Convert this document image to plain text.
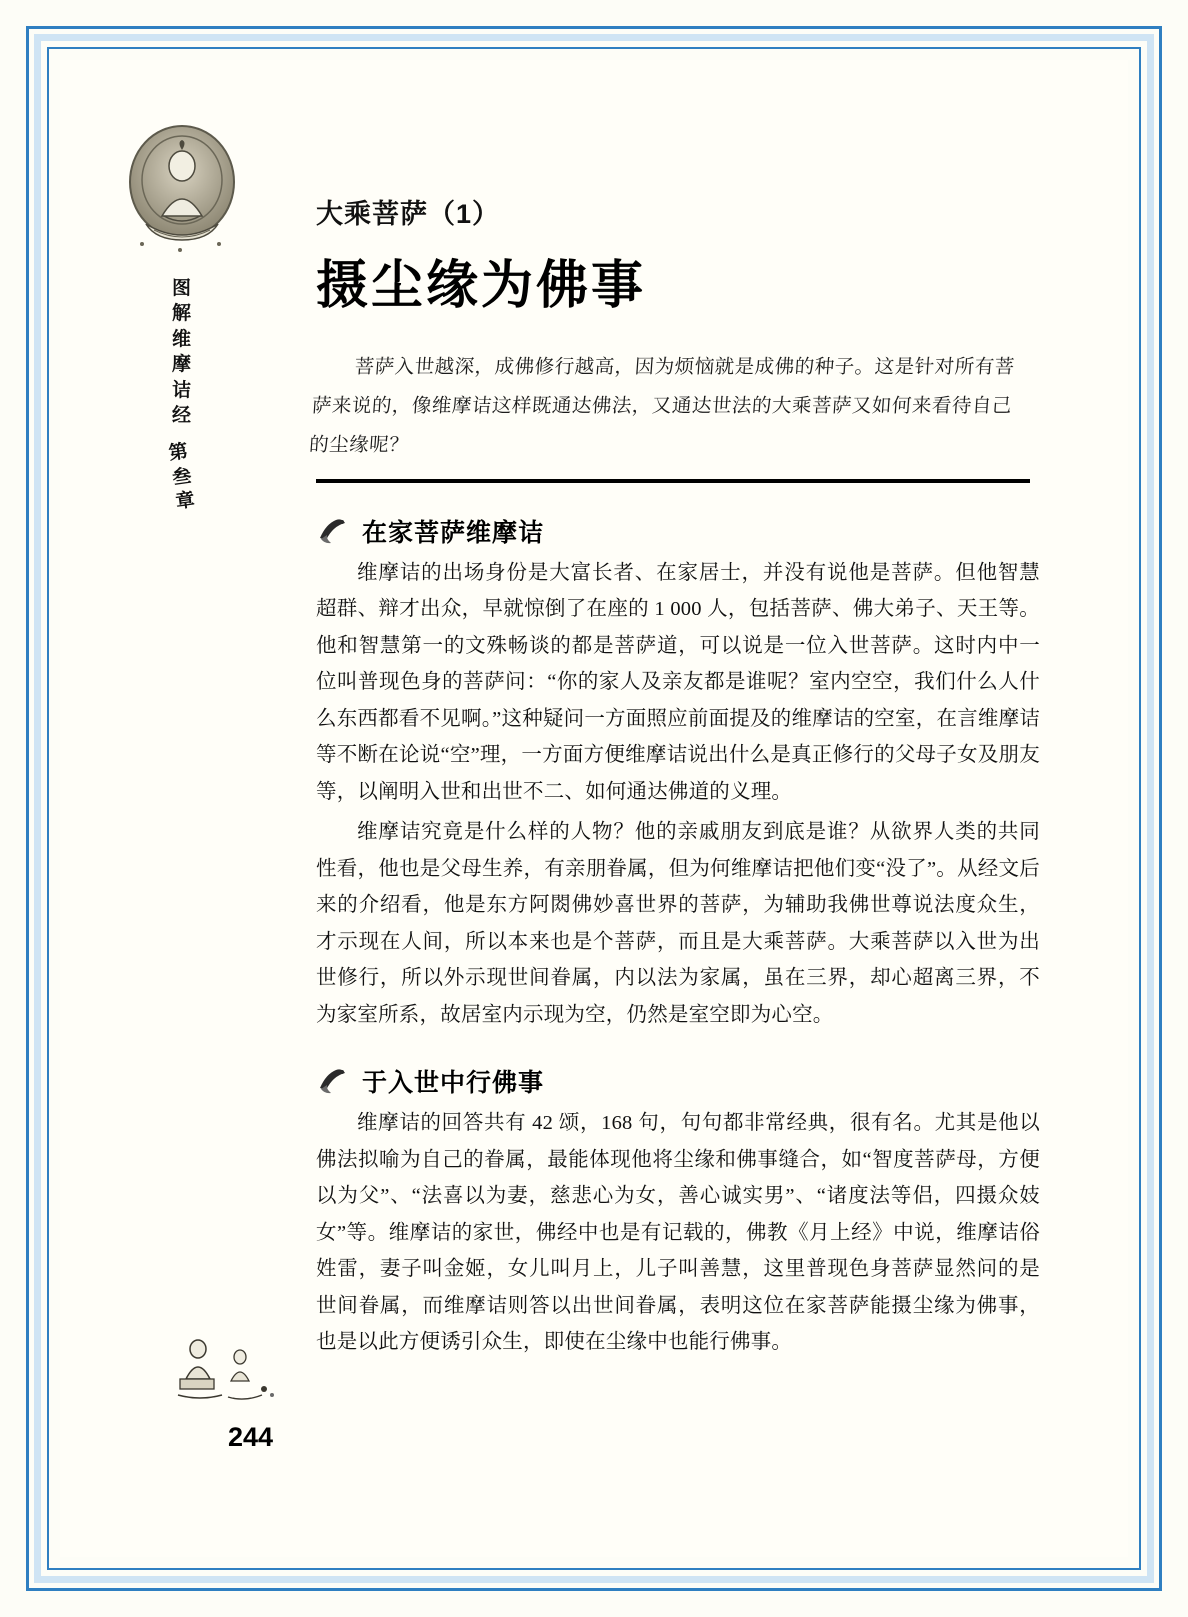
图
解
维
摩
诘
经
第
叁
章
大乘菩萨（1）
摄尘缘为佛事
菩萨入世越深，成佛修行越高，因为烦恼就是成佛的种子。这是针对所有菩萨来说的，像维摩诘这样既通达佛法，又通达世法的大乘菩萨又如何来看待自己的尘缘呢？
在家菩萨维摩诘

维摩诘的出场身份是大富长者、在家居士，并没有说他是菩萨。但他智慧超群、辩才出众，早就惊倒了在座的 1 000 人，包括菩萨、佛大弟子、天王等。他和智慧第一的文殊畅谈的都是菩萨道，可以说是一位入世菩萨。这时内中一位叫普现色身的菩萨问：“你的家人及亲友都是谁呢？室内空空，我们什么人什么东西都看不见啊。”这种疑问一方面照应前面提及的维摩诘的空室，在言维摩诘等不断在论说“空”理，一方面方便维摩诘说出什么是真正修行的父母子女及朋友等，以阐明入世和出世不二、如何通达佛道的义理。

维摩诘究竟是什么样的人物？他的亲戚朋友到底是谁？从欲界人类的共同性看，他也是父母生养，有亲朋眷属，但为何维摩诘把他们变“没了”。从经文后来的介绍看，他是东方阿閦佛妙喜世界的菩萨，为辅助我佛世尊说法度众生，才示现在人间，所以本来也是个菩萨，而且是大乘菩萨。大乘菩萨以入世为出世修行，所以外示现世间眷属，内以法为家属，虽在三界，却心超离三界，不为家室所系，故居室内示现为空，仍然是室空即为心空。

于入世中行佛事

维摩诘的回答共有 42 颂，168 句，句句都非常经典，很有名。尤其是他以佛法拟喻为自己的眷属，最能体现他将尘缘和佛事缝合，如“智度菩萨母，方便以为父”、“法喜以为妻，慈悲心为女，善心诚实男”、“诸度法等侣，四摄众妓女”等。维摩诘的家世，佛经中也是有记载的，佛教《月上经》中说，维摩诘俗姓雷，妻子叫金姬，女儿叫月上，儿子叫善慧，这里普现色身菩萨显然问的是世间眷属，而维摩诘则答以出世间眷属，表明这位在家菩萨能摄尘缘为佛事，也是以此方便诱引众生，即使在尘缘中也能行佛事。

244
